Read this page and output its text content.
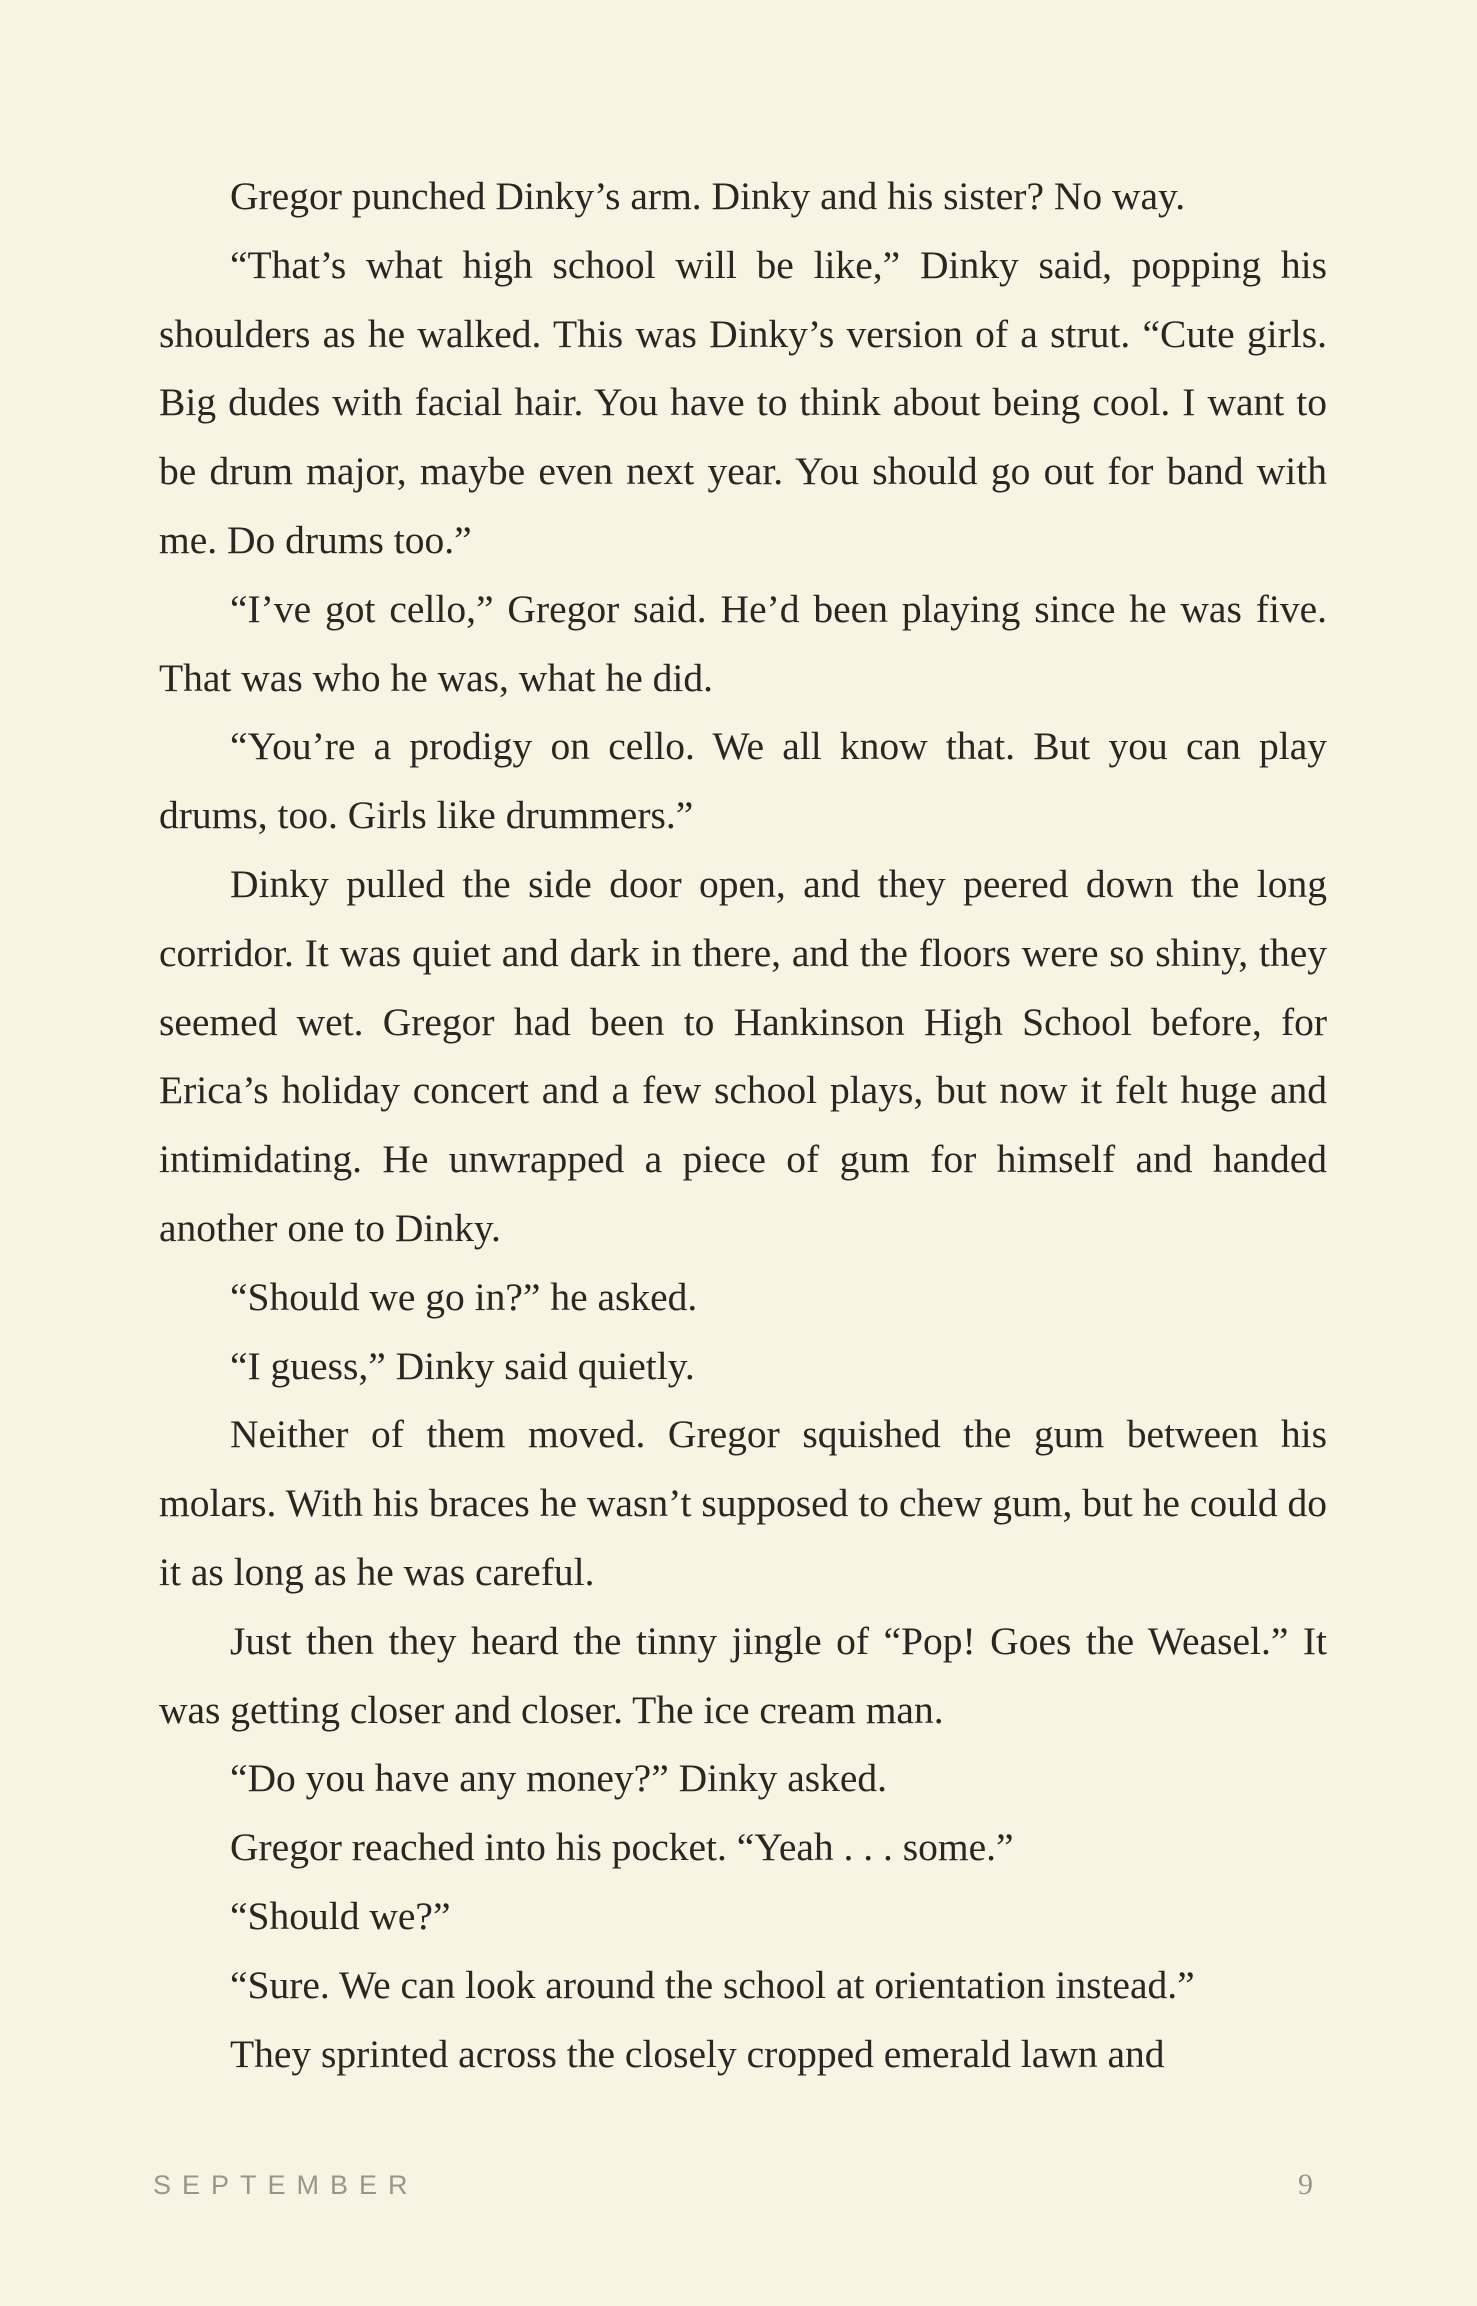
Gregor punched Dinky’s arm. Dinky and his sister? No way.

“That’s what high school will be like,” Dinky said, popping his shoulders as he walked. This was Dinky’s version of a strut. “Cute girls. Big dudes with facial hair. You have to think about being cool. I want to be drum major, maybe even next year. You should go out for band with me. Do drums too.”

“I’ve got cello,” Gregor said. He’d been playing since he was five. That was who he was, what he did.

“You’re a prodigy on cello. We all know that. But you can play drums, too. Girls like drummers.”

Dinky pulled the side door open, and they peered down the long corridor. It was quiet and dark in there, and the floors were so shiny, they seemed wet. Gregor had been to Hankinson High School before, for Erica’s holiday concert and a few school plays, but now it felt huge and intimidating. He unwrapped a piece of gum for himself and handed another one to Dinky.

“Should we go in?” he asked.

“I guess,” Dinky said quietly.

Neither of them moved. Gregor squished the gum between his molars. With his braces he wasn’t supposed to chew gum, but he could do it as long as he was careful.

Just then they heard the tinny jingle of “Pop! Goes the Weasel.” It was getting closer and closer. The ice cream man.

“Do you have any money?” Dinky asked.

Gregor reached into his pocket. “Yeah . . . some.”

“Should we?”

“Sure. We can look around the school at orientation instead.”

They sprinted across the closely cropped emerald lawn and

SEPTEMBER	9
